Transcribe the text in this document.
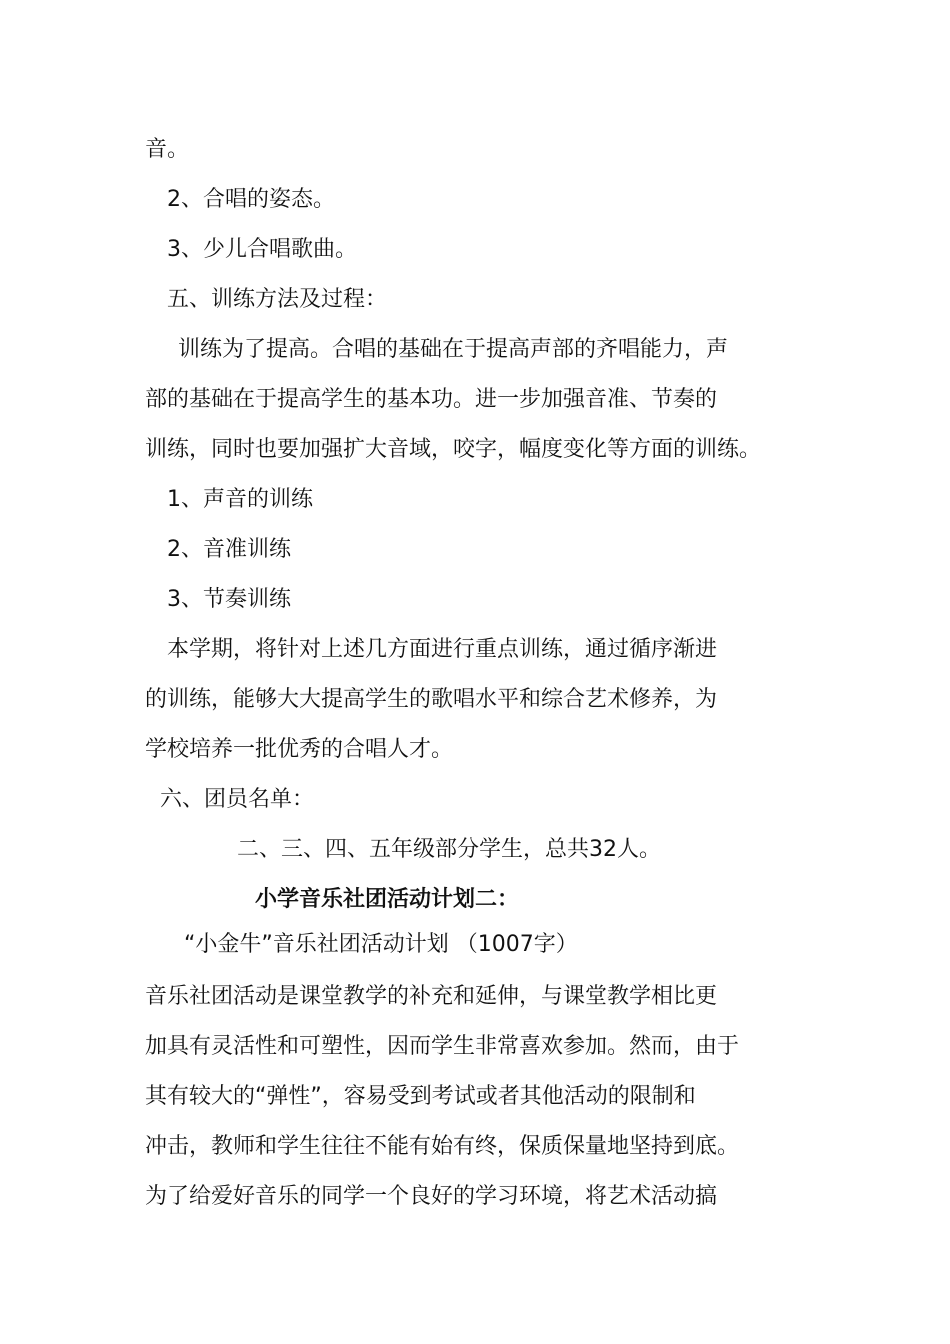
音。
2、合唱的姿态。
3、少儿合唱歌曲。
五、训练方法及过程：
训练为了提高。合唱的基础在于提高声部的齐唱能力，声
部的基础在于提高学生的基本功。进一步加强音准、节奏的
训练，同时也要加强扩大音域，咬字，幅度变化等方面的训练。
1、声音的训练
2、音准训练
3、节奏训练
本学期，将针对上述几方面进行重点训练，通过循序渐进
的训练，能够大大提高学生的歌唱水平和综合艺术修养，为
学校培养一批优秀的合唱人才。
六、团员名单：
二、三、四、五年级部分学生，总共32人。
小学音乐社团活动计划二：
“小金牛”音乐社团活动计划 （1007字）
音乐社团活动是课堂教学的补充和延伸，与课堂教学相比更
加具有灵活性和可塑性，因而学生非常喜欢参加。然而，由于
其有较大的“弹性”，容易受到考试或者其他活动的限制和
冲击，教师和学生往往不能有始有终，保质保量地坚持到底。
为了给爱好音乐的同学一个良好的学习环境，将艺术活动搞
